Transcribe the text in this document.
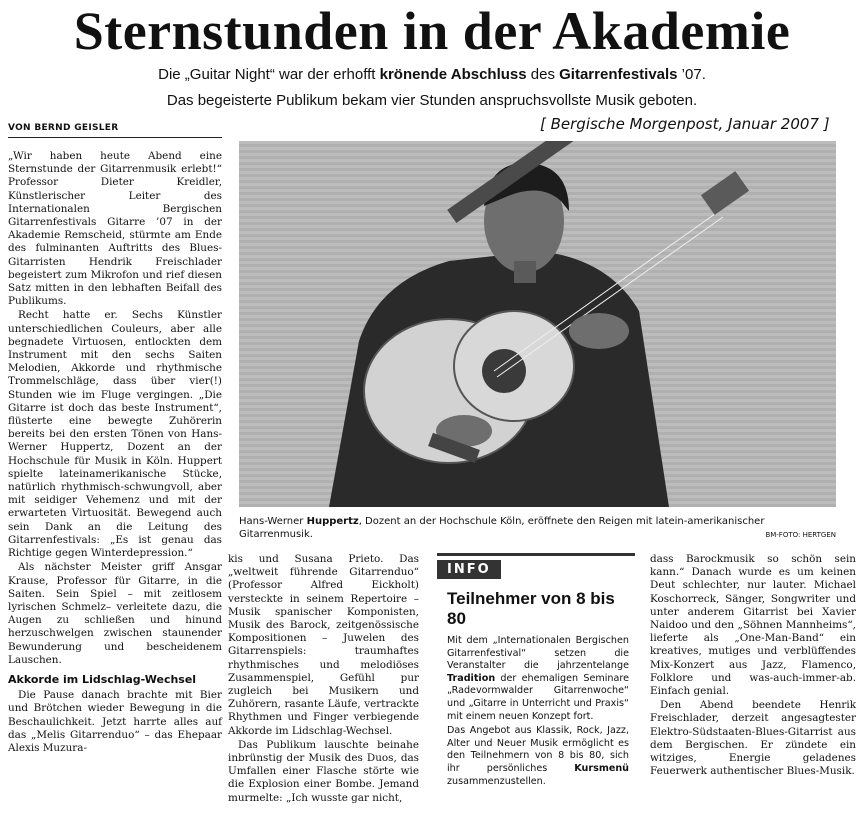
Sternstunden in der Akademie
Die „Guitar Night“ war der erhofft krönende Abschluss des Gitarrenfestivals ’07.
Das begeisterte Publikum bekam vier Stunden anspruchsvollste Musik geboten.
[ Bergische Morgenpost, Januar 2007 ]
VON BERND GEISLER

„Wir haben heute Abend eine Sternstunde der Gitarrenmusik erlebt!“ Professor Dieter Kreidler, Künstlerischer Leiter des Internationalen Bergischen Gitarrenfestivals Gitarre ’07 in der Akademie Remscheid, stürmte am Ende des fulminanten Auftritts des Blues-Gitarristen Hendrik Freischlader begeistert zum Mikrofon und rief diesen Satz mitten in den lebhaften Beifall des Publikums.

Recht hatte er. Sechs Künstler unterschiedlichen Couleurs, aber alle begnadete Virtuosen, entlockten dem Instrument mit den sechs Saiten Melodien, Akkorde und rhythmische Trommelschläge, dass über vier(!) Stunden wie im Fluge vergingen. „Die Gitarre ist doch das beste Instrument“, flüsterte eine bewegte Zuhörerin bereits bei den ersten Tönen von Hans-Werner Huppertz, Dozent an der Hochschule für Musik in Köln. Huppert spielte lateinamerikanische Stücke, natürlich rhythmisch-schwungvoll, aber mit seidiger Vehemenz und mit der erwarteten Virtuosität. Bewegend auch sein Dank an die Leitung des Gitarrenfestivals: „Es ist genau das Richtige gegen Winterdepression.“

Als nächster Meister griff Ansgar Krause, Professor für Gitarre, in die Saiten. Sein Spiel – mit zeitlosem lyrischen Schmelz– verleitete dazu, die Augen zu schließen und hinund herzuschwelgen zwischen staunender Bewunderung und bescheidenem Lauschen.

Akkorde im Lidschlag-Wechsel

Die Pause danach brachte mit Bier und Brötchen wieder Bewegung in die Beschaulichkeit. Jetzt harrte alles auf das „Melis Gitarrenduo“ – das Ehepaar Alexis Muzura-

Hans-Werner Huppertz, Dozent an der Hochschule Köln, eröffnete den Reigen mit latein-amerikanischer Gitarrenmusik.	BM-FOTO: HERTGEN

kis und Susana Prieto. Das „weltweit führende Gitarrenduo“ (Professor Alfred Eickholt) versteckte in seinem Repertoire – Musik spanischer Komponisten, Musik des Barock, zeitgenössische Kompositionen – Juwelen des Gitarrenspiels: traumhaftes rhythmisches und melodiöses Zusammenspiel, Gefühl pur zugleich bei Musikern und Zuhörern, rasante Läufe, vertrackte Rhythmen und Finger verbiegende Akkorde im Lidschlag-Wechsel.

Das Publikum lauschte beinahe inbrünstig der Musik des Duos, das Umfallen einer Flasche störte wie die Explosion einer Bombe. Jemand murmelte: „Ich wusste gar nicht,

INFO
Teilnehmer von 8 bis 80

Mit dem „Internationalen Bergischen Gitarrenfestival“ setzen die Veranstalter die jahrzentelange Tradition der ehemaligen Seminare „Radevormwalder Gitarrenwoche“ und „Gitarre in Unterricht und Praxis“ mit einem neuen Konzept fort.

Das Angebot aus Klassik, Rock, Jazz, Alter und Neuer Musik ermöglicht es den Teilnehmern von 8 bis 80, sich ihr persönliches Kursmenü zusammenzustellen.

dass Barockmusik so schön sein kann.“ Danach wurde es um keinen Deut schlechter, nur lauter. Michael Koschorreck, Sänger, Songwriter und unter anderem Gitarrist bei Xavier Naidoo und den „Söhnen Mannheims“, lieferte als „One-Man-Band“ ein kreatives, mutiges und verblüffendes Mix-Konzert aus Jazz, Flamenco, Folklore und was-auch-immer-ab. Einfach genial.

Den Abend beendete Henrik Freischlader, derzeit angesagtester Elektro-Südstaaten-Blues-Gitarrist aus dem Bergischen. Er zündete ein witziges, Energie geladenes Feuerwerk authentischer Blues-Musik.
